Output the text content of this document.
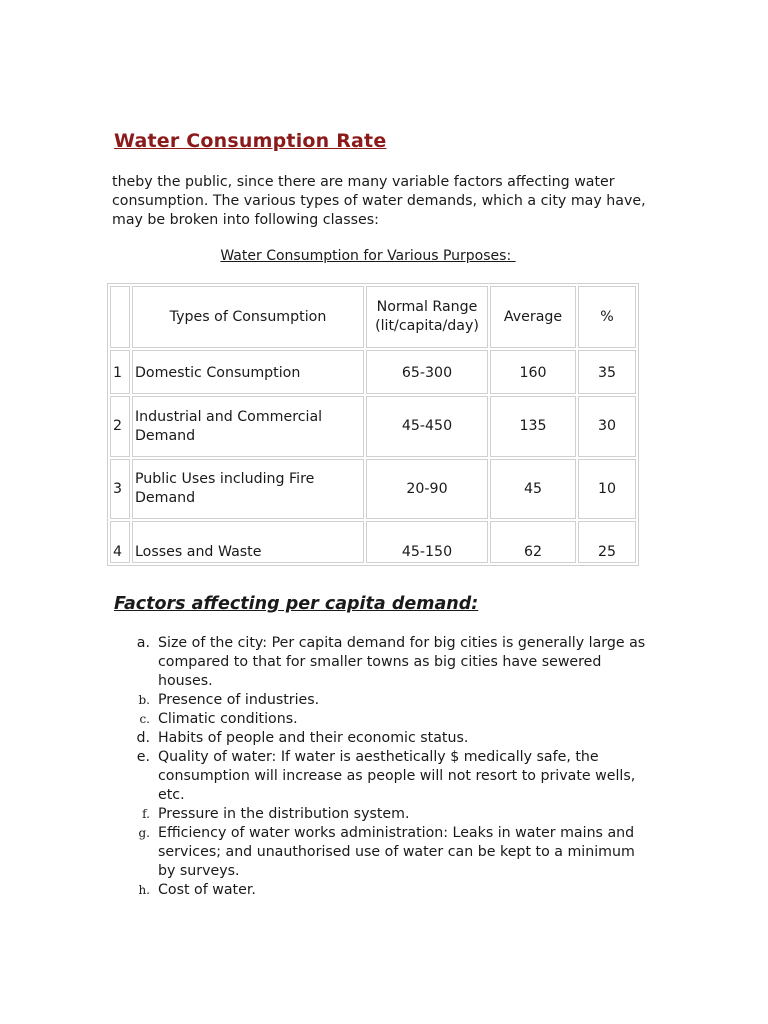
Water Consumption Rate

theby the public, since there are many variable factors affecting water consumption. The various types of water demands, which a city may have, may be broken into following classes:

Water Consumption for Various Purposes:
	Types of Consumption	Normal Range (lit/capita/day)	Average	%
1	Domestic Consumption	65-300	160	35
2	Industrial and Commercial Demand	45-450	135	30
3	Public Uses including Fire Demand	20-90	45	10
4	Losses and Waste	45-150	62	25
Factors affecting per capita demand:
a. Size of the city: Per capita demand for big cities is generally large as compared to that for smaller towns as big cities have sewered houses.
b. Presence of industries.
c. Climatic conditions.
d. Habits of people and their economic status.
e. Quality of water: If water is aesthetically $ medically safe, the consumption will increase as people will not resort to private wells, etc.
f. Pressure in the distribution system.
g. Efficiency of water works administration: Leaks in water mains and services; and unauthorised use of water can be kept to a minimum by surveys.
h. Cost of water.
